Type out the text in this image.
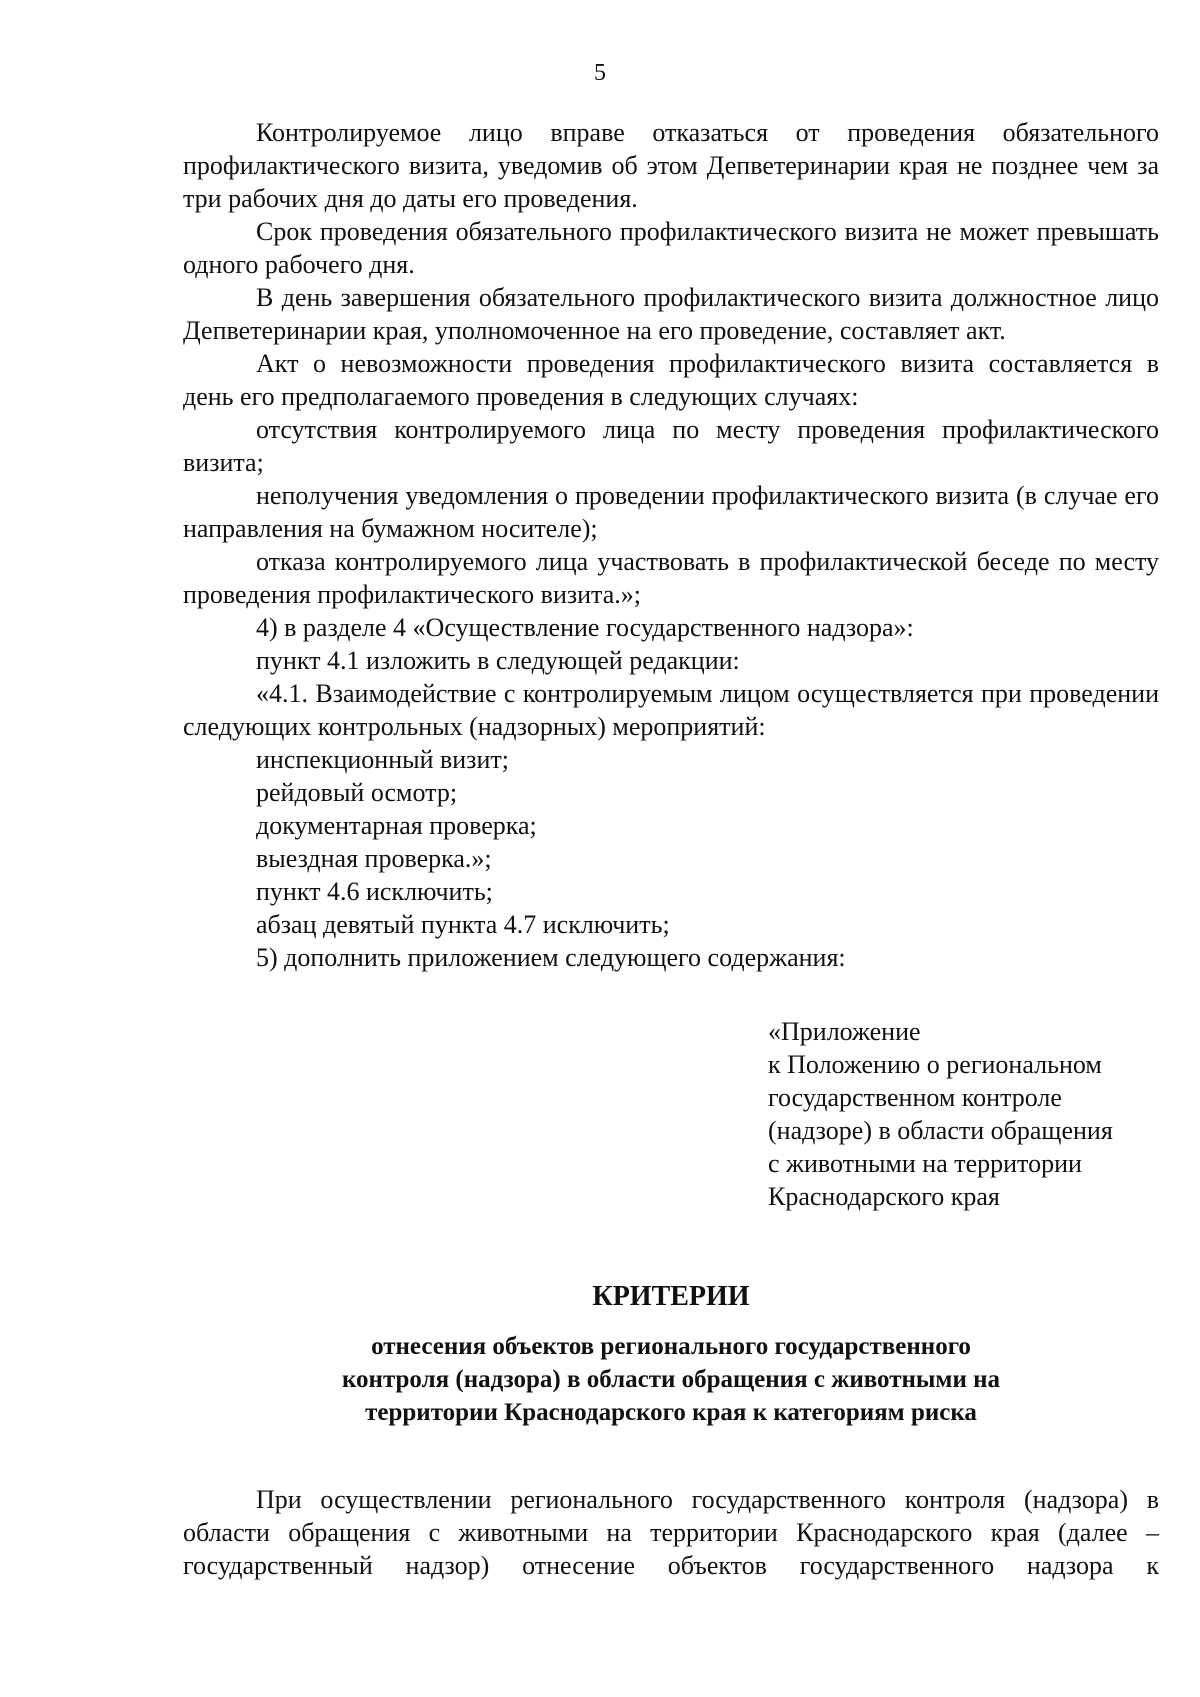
5

Контролируемое лицо вправе отказаться от проведения обязательного профилактического визита, уведомив об этом Депветеринарии края не позднее чем за три рабочих дня до даты его проведения.

Срок проведения обязательного профилактического визита не может превышать одного рабочего дня.

В день завершения обязательного профилактического визита должностное лицо Депветеринарии края, уполномоченное на его проведение, составляет акт.

Акт о невозможности проведения профилактического визита составляется в день его предполагаемого проведения в следующих случаях:

отсутствия контролируемого лица по месту проведения профилактического визита;

неполучения уведомления о проведении профилактического визита (в случае его направления на бумажном носителе);

отказа контролируемого лица участвовать в профилактической беседе по месту проведения профилактического визита.»;

4) в разделе 4 «Осуществление государственного надзора»:

пункт 4.1 изложить в следующей редакции:

«4.1. Взаимодействие с контролируемым лицом осуществляется при проведении следующих контрольных (надзорных) мероприятий:

инспекционный визит;

рейдовый осмотр;

документарная проверка;

выездная проверка.»;

пункт 4.6 исключить;

абзац девятый пункта 4.7 исключить;

5) дополнить приложением следующего содержания:

«Приложение
к Положению о региональном
государственном контроле
(надзоре) в области обращения
с животными на территории
Краснодарского края
КРИТЕРИИ
отнесения объектов регионального государственного
контроля (надзора) в области обращения с животными на
территории Краснодарского края к категориям риска

При осуществлении регионального государственного контроля (надзора) в области обращения с животными на территории Краснодарского края (далее – государственный надзор) отнесение объектов государственного надзора к
